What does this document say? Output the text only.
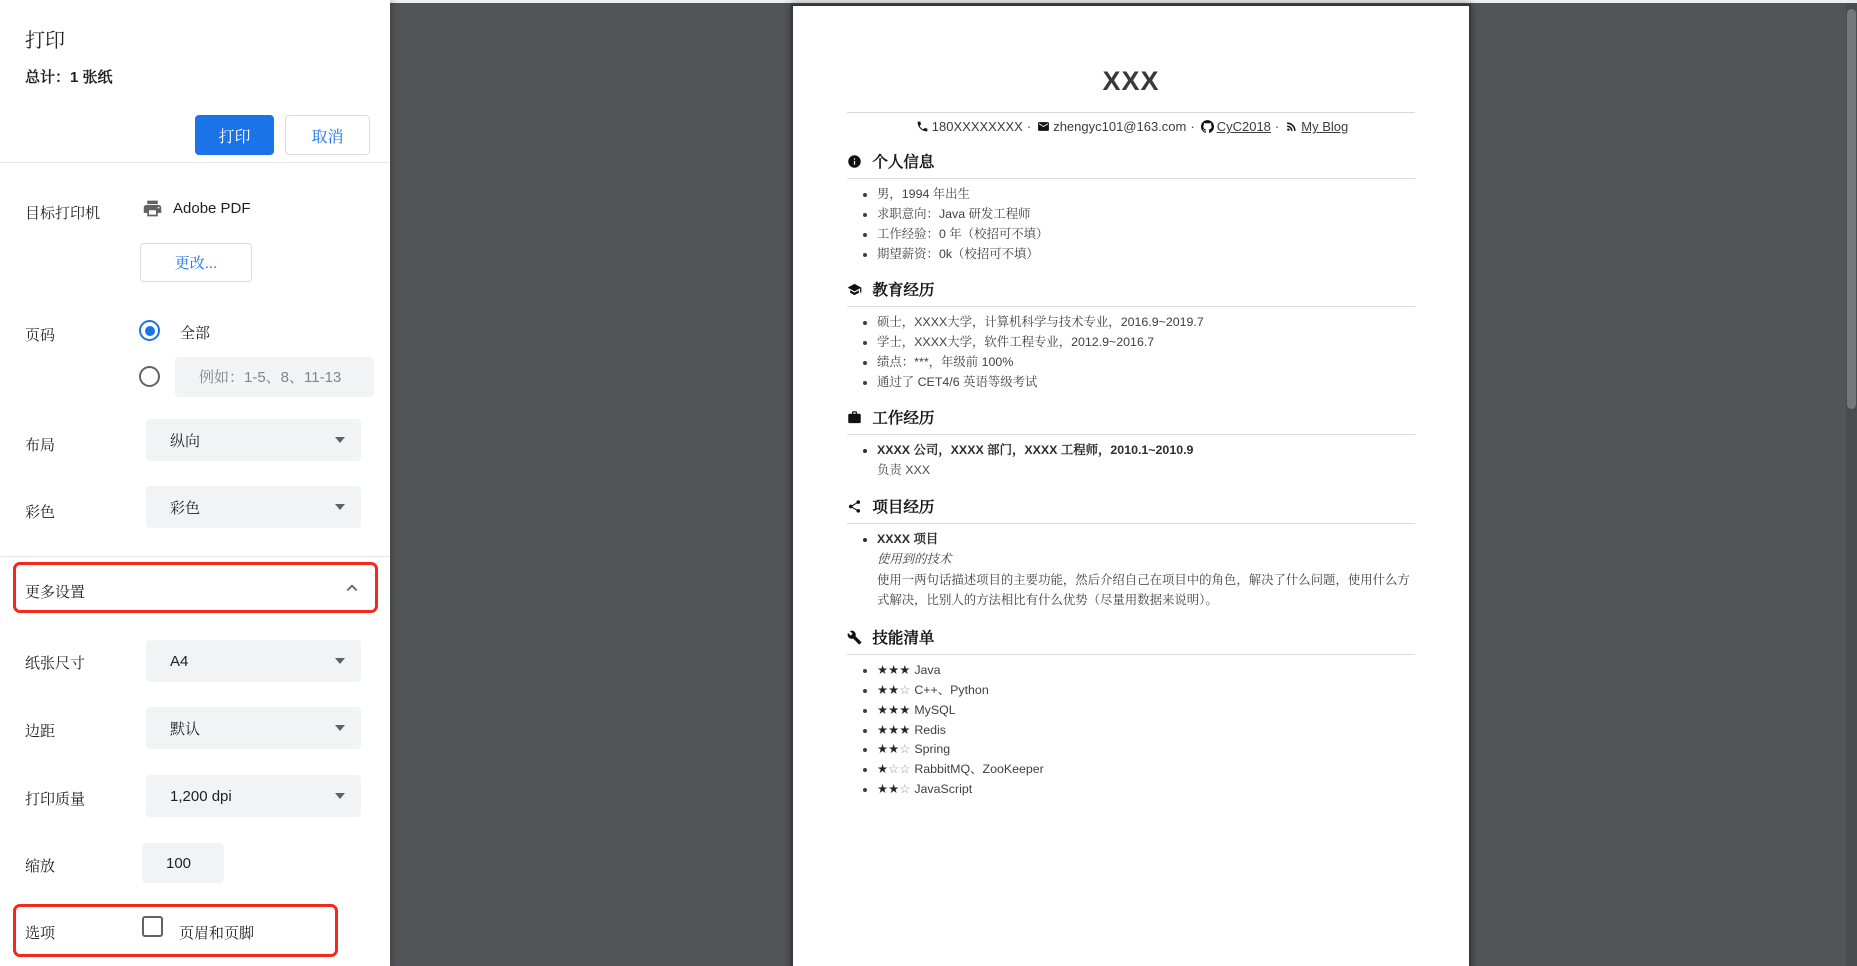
打印
总计：1 张纸
打印	取消
目标打印机	Adobe PDF
更改...
页码	全部
例如：1-5、8、11-13
布局	纵向
彩色	彩色
更多设置
纸张尺寸	A4
边距	默认
打印质量	1,200 dpi
缩放
100
选项	页眉和页脚
XXX
180XXXXXXXX · zhengyc101@163.com · CyC2018 · My Blog
个人信息
• 男，1994 年出生
• 求职意向：Java 研发工程师
• 工作经验：0 年（校招可不填）
• 期望薪资：0k（校招可不填）
教育经历
• 硕士，XXXX大学，计算机科学与技术专业，2016.9~2019.7
• 学士，XXXX大学，软件工程专业，2012.9~2016.7
• 绩点：***，年级前 100%
• 通过了 CET4/6 英语等级考试
工作经历
• XXXX 公司，XXXX 部门，XXXX 工程师，2010.1~2010.9
负责 XXX
项目经历
• XXXX 项目
使用到的技术
使用一两句话描述项目的主要功能，然后介绍自己在项目中的角色，解决了什么问题，使用什么方式解决，比别人的方法相比有什么优势（尽量用数据来说明）。
技能清单
• ★★★ Java
• ★★☆ C++、Python
• ★★★ MySQL
• ★★★ Redis
• ★★☆ Spring
• ★☆☆ RabbitMQ、ZooKeeper
• ★★☆ JavaScript
